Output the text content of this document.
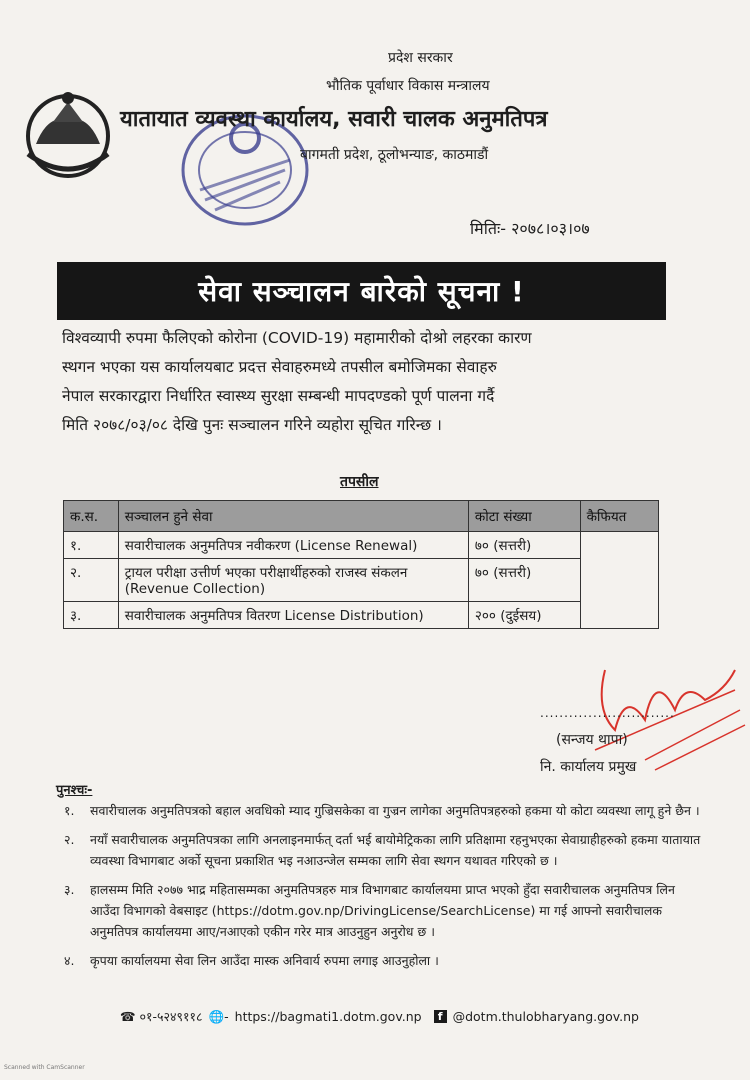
प्रदेश सरकार
भौतिक पूर्वाधार विकास मन्त्रालय
यातायात व्यवस्था कार्यालय, सवारी चालक अनुमतिपत्र
बागमती प्रदेश, ठूलोभन्याङ, काठमाडौं
मितिः- २०७८।०३।०७
सेवा सञ्चालन बारेको सूचना !
विश्वव्यापी रुपमा फैलिएको कोरोना (COVID-19) महामारीको दोश्रो लहरका कारण
स्थगन भएका यस कार्यालयबाट प्रदत्त सेवाहरुमध्ये तपसील बमोजिमका सेवाहरु
नेपाल सरकारद्वारा निर्धारित स्वास्थ्य सुरक्षा सम्बन्धी मापदण्डको पूर्ण पालना गर्दै
मिति २०७८/०३/०८ देखि पुनः सञ्चालन गरिने व्यहोरा सूचित गरिन्छ ।
तपसील
क.स.	सञ्चालन हुने सेवा	कोटा संख्या	कैफियत
१.	सवारीचालक अनुमतिपत्र नवीकरण (License Renewal)	७० (सत्तरी)	
२.	ट्रायल परीक्षा उत्तीर्ण भएका परीक्षार्थीहरुको राजस्व संकलन (Revenue Collection)	७० (सत्तरी)	
३.	सवारीचालक अनुमतिपत्र वितरण License Distribution)	२०० (दुईसय)	
............................
(सन्जय थापा)
नि. कार्यालय प्रमुख
पुनश्चः-
१.	सवारीचालक अनुमतिपत्रको बहाल अवधिको म्याद गुज्रिसकेका वा गुज्रन लागेका अनुमतिपत्रहरुको हकमा यो कोटा व्यवस्था लागू हुने छैन ।
२.	नयाँ सवारीचालक अनुमतिपत्रका लागि अनलाइनमार्फत् दर्ता भई बायोमेट्रिकका लागि प्रतिक्षामा रहनुभएका सेवाग्राहीहरुको हकमा यातायात व्यवस्था विभागबाट अर्को सूचना प्रकाशित भइ नआउन्जेल सम्मका लागि सेवा स्थगन यथावत गरिएको छ ।
३.	हालसम्म मिति २०७७ भाद्र महितासम्मका अनुमतिपत्रहरु मात्र विभागबाट कार्यालयमा प्राप्त भएको हुँदा सवारीचालक अनुमतिपत्र लिन आउँदा विभागको वेबसाइट (https://dotm.gov.np/DrivingLicense/SearchLicense) मा गई आफ्नो सवारीचालक अनुमतिपत्र कार्यालयमा आए/नआएको एकीन गरेर मात्र आउनुहुन अनुरोध छ ।
४.	कृपया कार्यालयमा सेवा लिन आउँदा मास्क अनिवार्य रुपमा लगाइ आउनुहोला ।
☎ ०१-५२४९११८ 🌐- https://bagmati1.dotm.gov.np	f @dotm.thulobharyang.gov.np
Scanned with CamScanner
